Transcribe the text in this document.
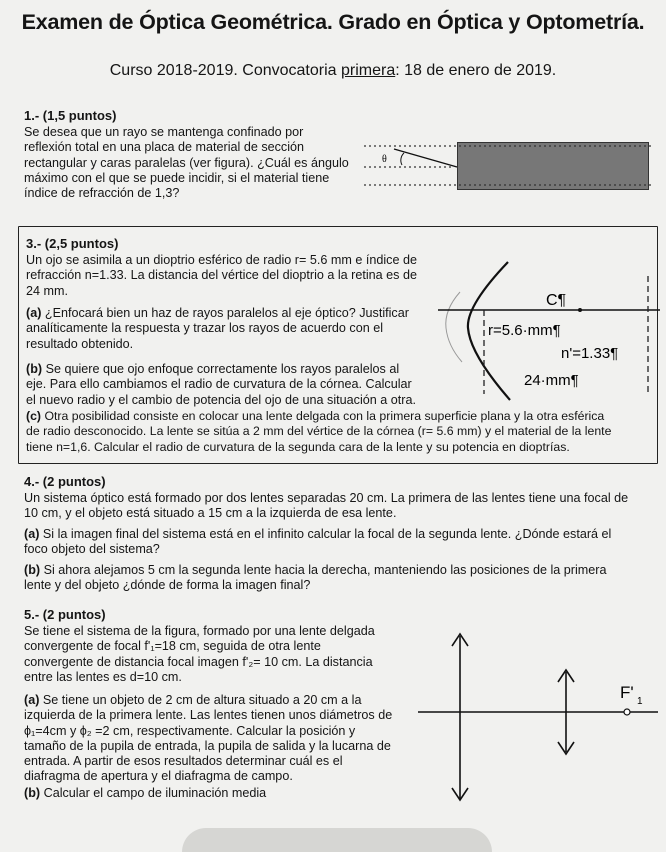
Examen de Óptica Geométrica. Grado en Óptica y Optometría.
Curso 2018-2019. Convocatoria primera: 18 de enero de 2019.
1.- (1,5 puntos)
Se desea que un rayo se mantenga confinado por
reflexión total en una placa de material de sección
rectangular y caras paralelas (ver figura). ¿Cuál es ángulo
máximo con el que se puede incidir, si el material tiene
índice de refracción de 1,3?
θ
3.- (2,5 puntos)
Un ojo se asimila a un dioptrio esférico de radio r= 5.6 mm e índice de
refracción n=1.33. La distancia del vértice del dioptrio a la retina es de
24 mm.
(a) ¿Enfocará bien un haz de rayos paralelos al eje óptico? Justificar
analíticamente la respuesta y trazar los rayos de acuerdo con el
resultado obtenido.
(b) Se quiere que ojo enfoque correctamente los rayos paralelos al
eje. Para ello cambiamos el radio de curvatura de la córnea. Calcular
el nuevo radio y el cambio de potencia del ojo de una situación a otra.
(c) Otra posibilidad consiste en colocar una lente delgada con la primera superficie plana y la otra esférica
de radio desconocido. La lente se sitúa a 2 mm del vértice de la córnea (r= 5.6 mm) y el material de la lente
tiene n=1,6. Calcular el radio de curvatura de la segunda cara de la lente y su potencia en dioptrías.
C¶
r=5.6·mm¶
n'=1.33¶
24·mm¶
4.- (2 puntos)
Un sistema óptico está formado por dos lentes separadas 20 cm. La primera de las lentes tiene una focal de
10 cm, y el objeto está situado a 15 cm a la izquierda de esa lente.
(a) Si la imagen final del sistema está en el infinito calcular la focal de la segunda lente. ¿Dónde estará el
foco objeto del sistema?
(b) Si ahora alejamos 5 cm la segunda lente hacia la derecha, manteniendo las posiciones de la primera
lente y del objeto ¿dónde de forma la imagen final?
5.- (2 puntos)
Se tiene el sistema de la figura, formado por una lente delgada
convergente de focal f'₁=18 cm, seguida de otra lente
convergente de distancia focal imagen f'₂= 10 cm. La distancia
entre las lentes es d=10 cm.
(a) Se tiene un objeto de 2 cm de altura situado a 20 cm a la
izquierda de la primera lente. Las lentes tienen unos diámetros de
ϕ₁=4cm y ϕ₂ =2 cm, respectivamente. Calcular la posición y
tamaño de la pupila de entrada, la pupila de salida y la lucarna de
entrada. A partir de esos resultados determinar cuál es el
diafragma de apertura y el diafragma de campo.
(b) Calcular el campo de iluminación media
F' 1
